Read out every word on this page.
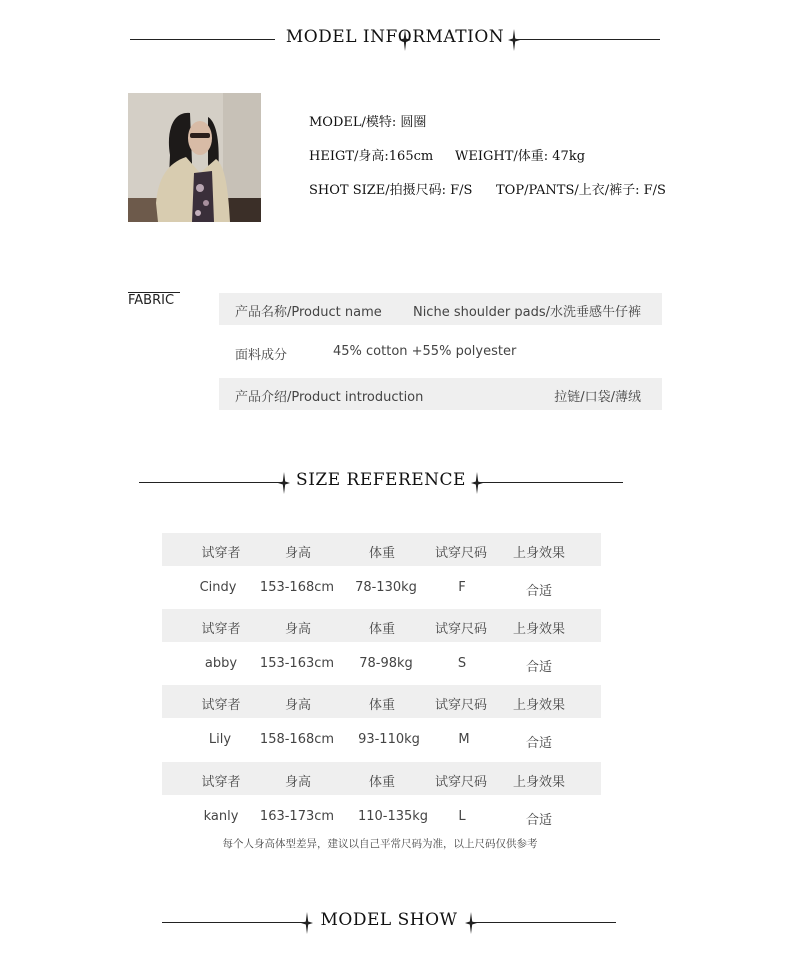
MODEL INFORMATION
MODEL/模特: 圆圈
HEIGT/身高:165cm WEIGHT/体重: 47kg
SHOT SIZE/拍摄尺码: F/S TOP/PANTS/上衣/裤子: F/S
FABRIC
产品名称/Product name Niche shoulder pads/水洗垂感牛仔裤
面料成分	45% cotton +55% polyester
产品介绍/Product introduction	拉链/口袋/薄绒
SIZE REFERENCE
试穿者	身高	体重	试穿尺码	上身效果
Cindy	153-168cm	78-130kg	F	合适
试穿者	身高	体重	试穿尺码	上身效果
abby	153-163cm	78-98kg	S	合适
试穿者	身高	体重	试穿尺码	上身效果
Lily	158-168cm	93-110kg	M	合适
试穿者	身高	体重	试穿尺码	上身效果
kanly	163-173cm	110-135kg	L	合适
每个人身高体型差异，建议以自己平常尺码为准，以上尺码仅供参考
MODEL SHOW
